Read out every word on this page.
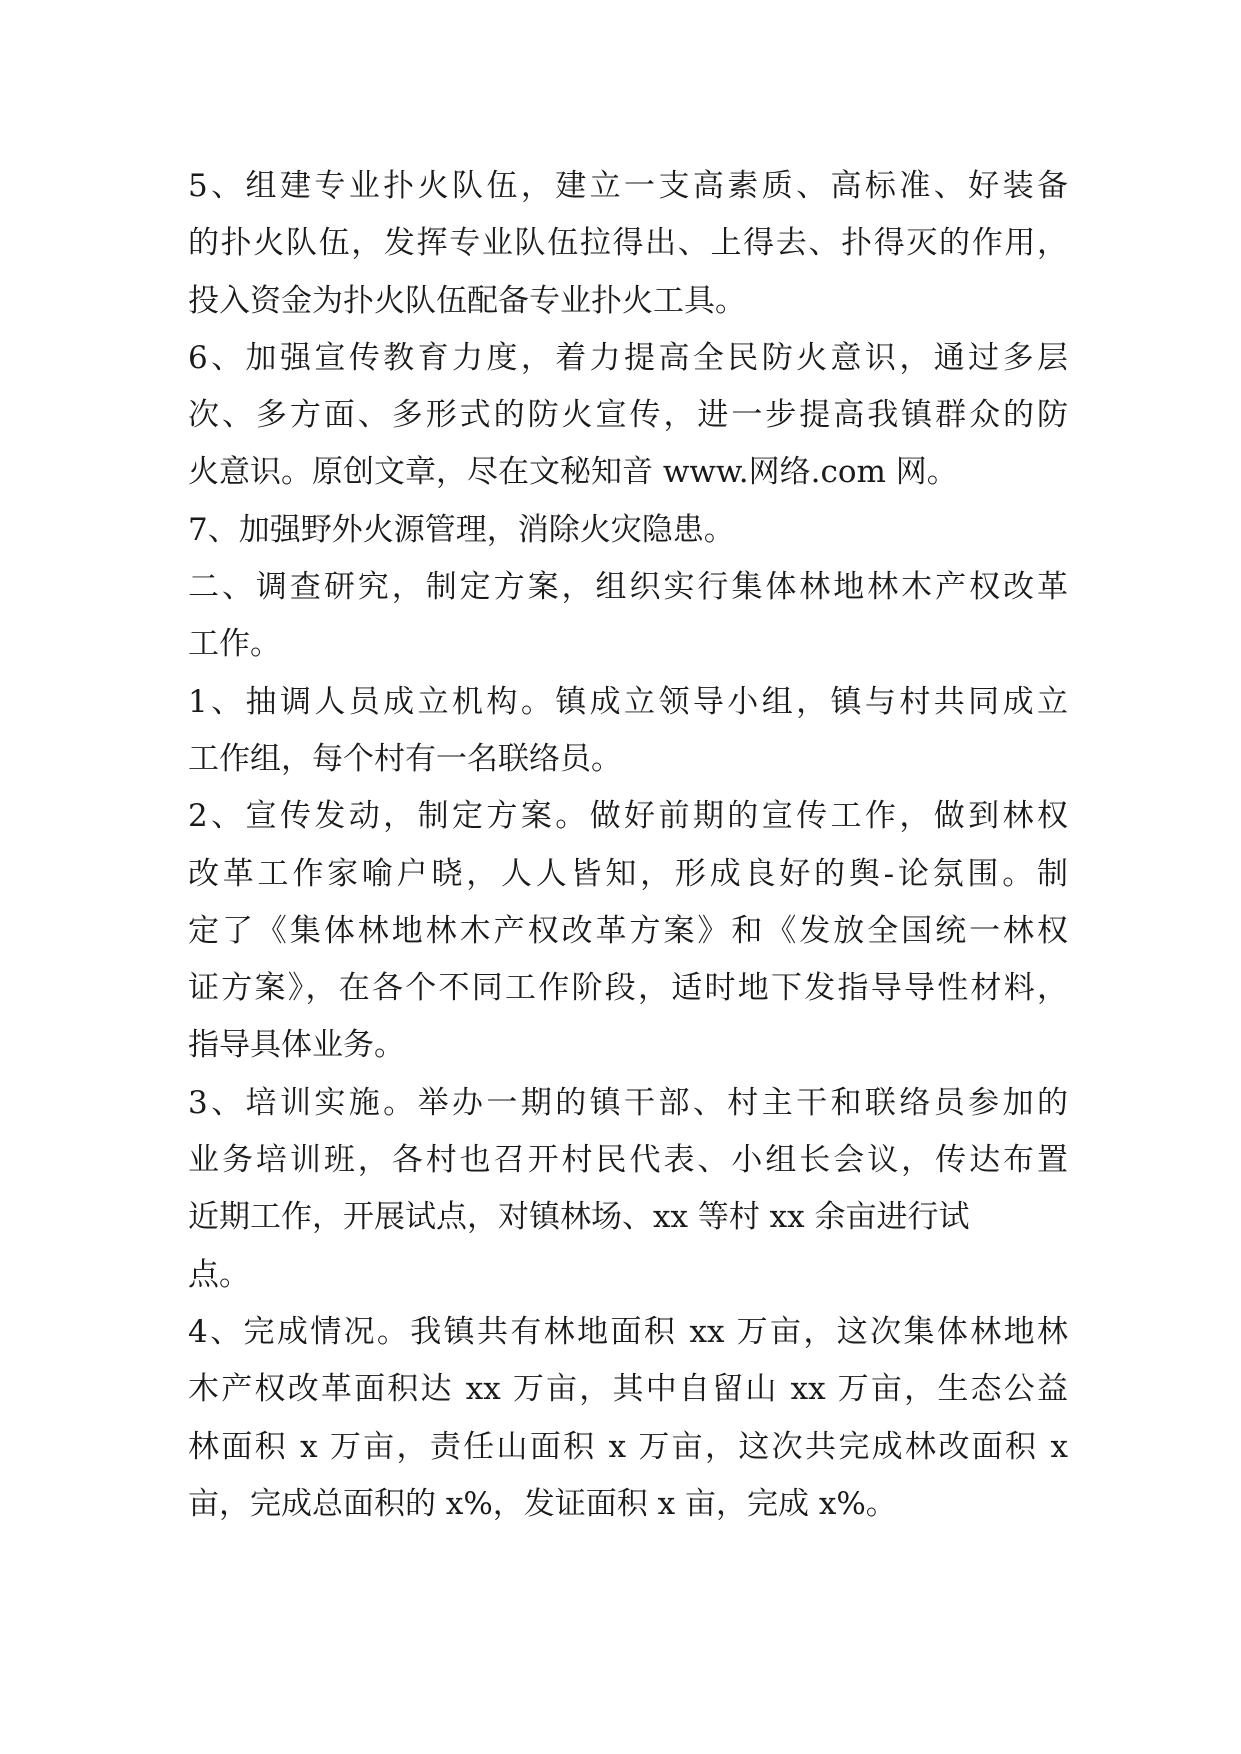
5、组建专业扑火队伍，建立一支高素质、高标准、好装备
的扑火队伍，发挥专业队伍拉得出、上得去、扑得灭的作用，
投入资金为扑火队伍配备专业扑火工具。
6、加强宣传教育力度，着力提高全民防火意识，通过多层
次、多方面、多形式的防火宣传，进一步提高我镇群众的防
火意识。原创文章，尽在文秘知音 www.网络.com 网。
7、加强野外火源管理，消除火灾隐患。
二、调查研究，制定方案，组织实行集体林地林木产权改革
工作。
1、抽调人员成立机构。镇成立领导小组，镇与村共同成立
工作组，每个村有一名联络员。
2、宣传发动，制定方案。做好前期的宣传工作，做到林权
改革工作家喻户晓，人人皆知，形成良好的舆-论氛围。制
定了《集体林地林木产权改革方案》和《发放全国统一林权
证方案》，在各个不同工作阶段，适时地下发指导导性材料，
指导具体业务。
3、培训实施。举办一期的镇干部、村主干和联络员参加的
业务培训班，各村也召开村民代表、小组长会议，传达布置
近期工作，开展试点，对镇林场、xx 等村 xx 余亩进行试
点。
4、完成情况。我镇共有林地面积 xx 万亩，这次集体林地林
木产权改革面积达 xx 万亩，其中自留山 xx 万亩，生态公益
林面积 x 万亩，责任山面积 x 万亩，这次共完成林改面积 x
亩，完成总面积的 x%，发证面积 x 亩，完成 x%。
